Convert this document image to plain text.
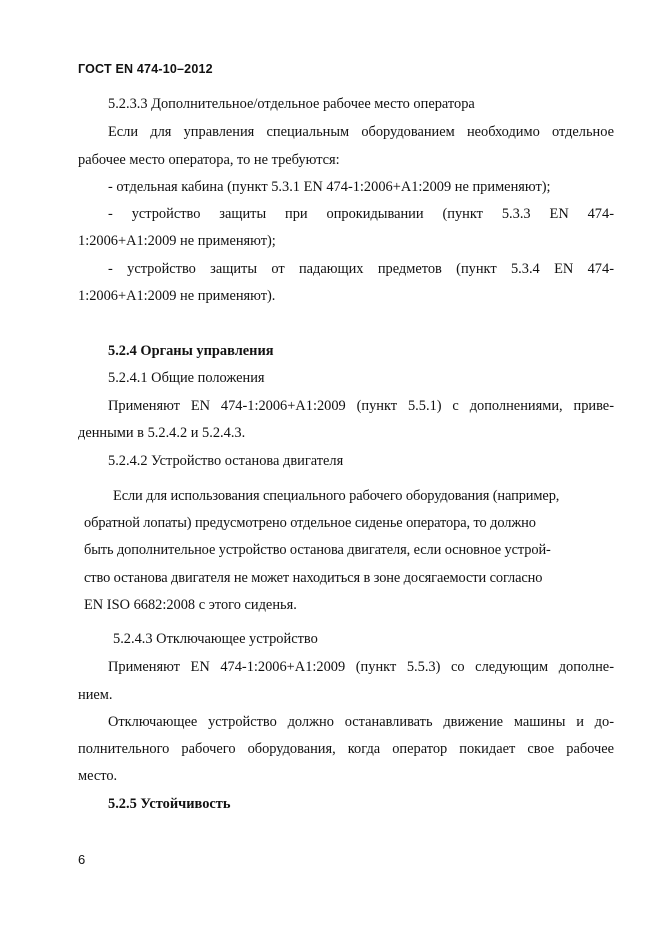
ГОСТ EN 474-10–2012
5.2.3.3 Дополнительное/отдельное рабочее место оператора
Если для управления специальным оборудованием необходимо отдельное
рабочее место оператора, то не требуются:
- отдельная кабина (пункт 5.3.1 EN 474-1:2006+A1:2009 не применяют);
- устройство защиты при опрокидывании (пункт 5.3.3 EN 474-
1:2006+A1:2009 не применяют);
- устройство защиты от падающих предметов (пункт 5.3.4 EN 474-
1:2006+A1:2009 не применяют).
5.2.4 Органы управления
5.2.4.1 Общие положения
Применяют EN 474-1:2006+A1:2009 (пункт 5.5.1) с дополнениями, приве-
денными в 5.2.4.2 и 5.2.4.3.
5.2.4.2 Устройство останова двигателя
Если для использования специального рабочего оборудования (например,
обратной лопаты) предусмотрено отдельное сиденье оператора, то должно
быть дополнительное устройство останова двигателя, если основное устрой-
ство останова двигателя не может находиться в зоне досягаемости согласно
EN ISO 6682:2008 с этого сиденья.
5.2.4.3 Отключающее устройство
Применяют EN 474-1:2006+A1:2009 (пункт 5.5.3) со следующим дополне-
нием.
Отключающее устройство должно останавливать движение машины и до-
полнительного рабочего оборудования, когда оператор покидает свое рабочее
место.
5.2.5 Устойчивость
6
